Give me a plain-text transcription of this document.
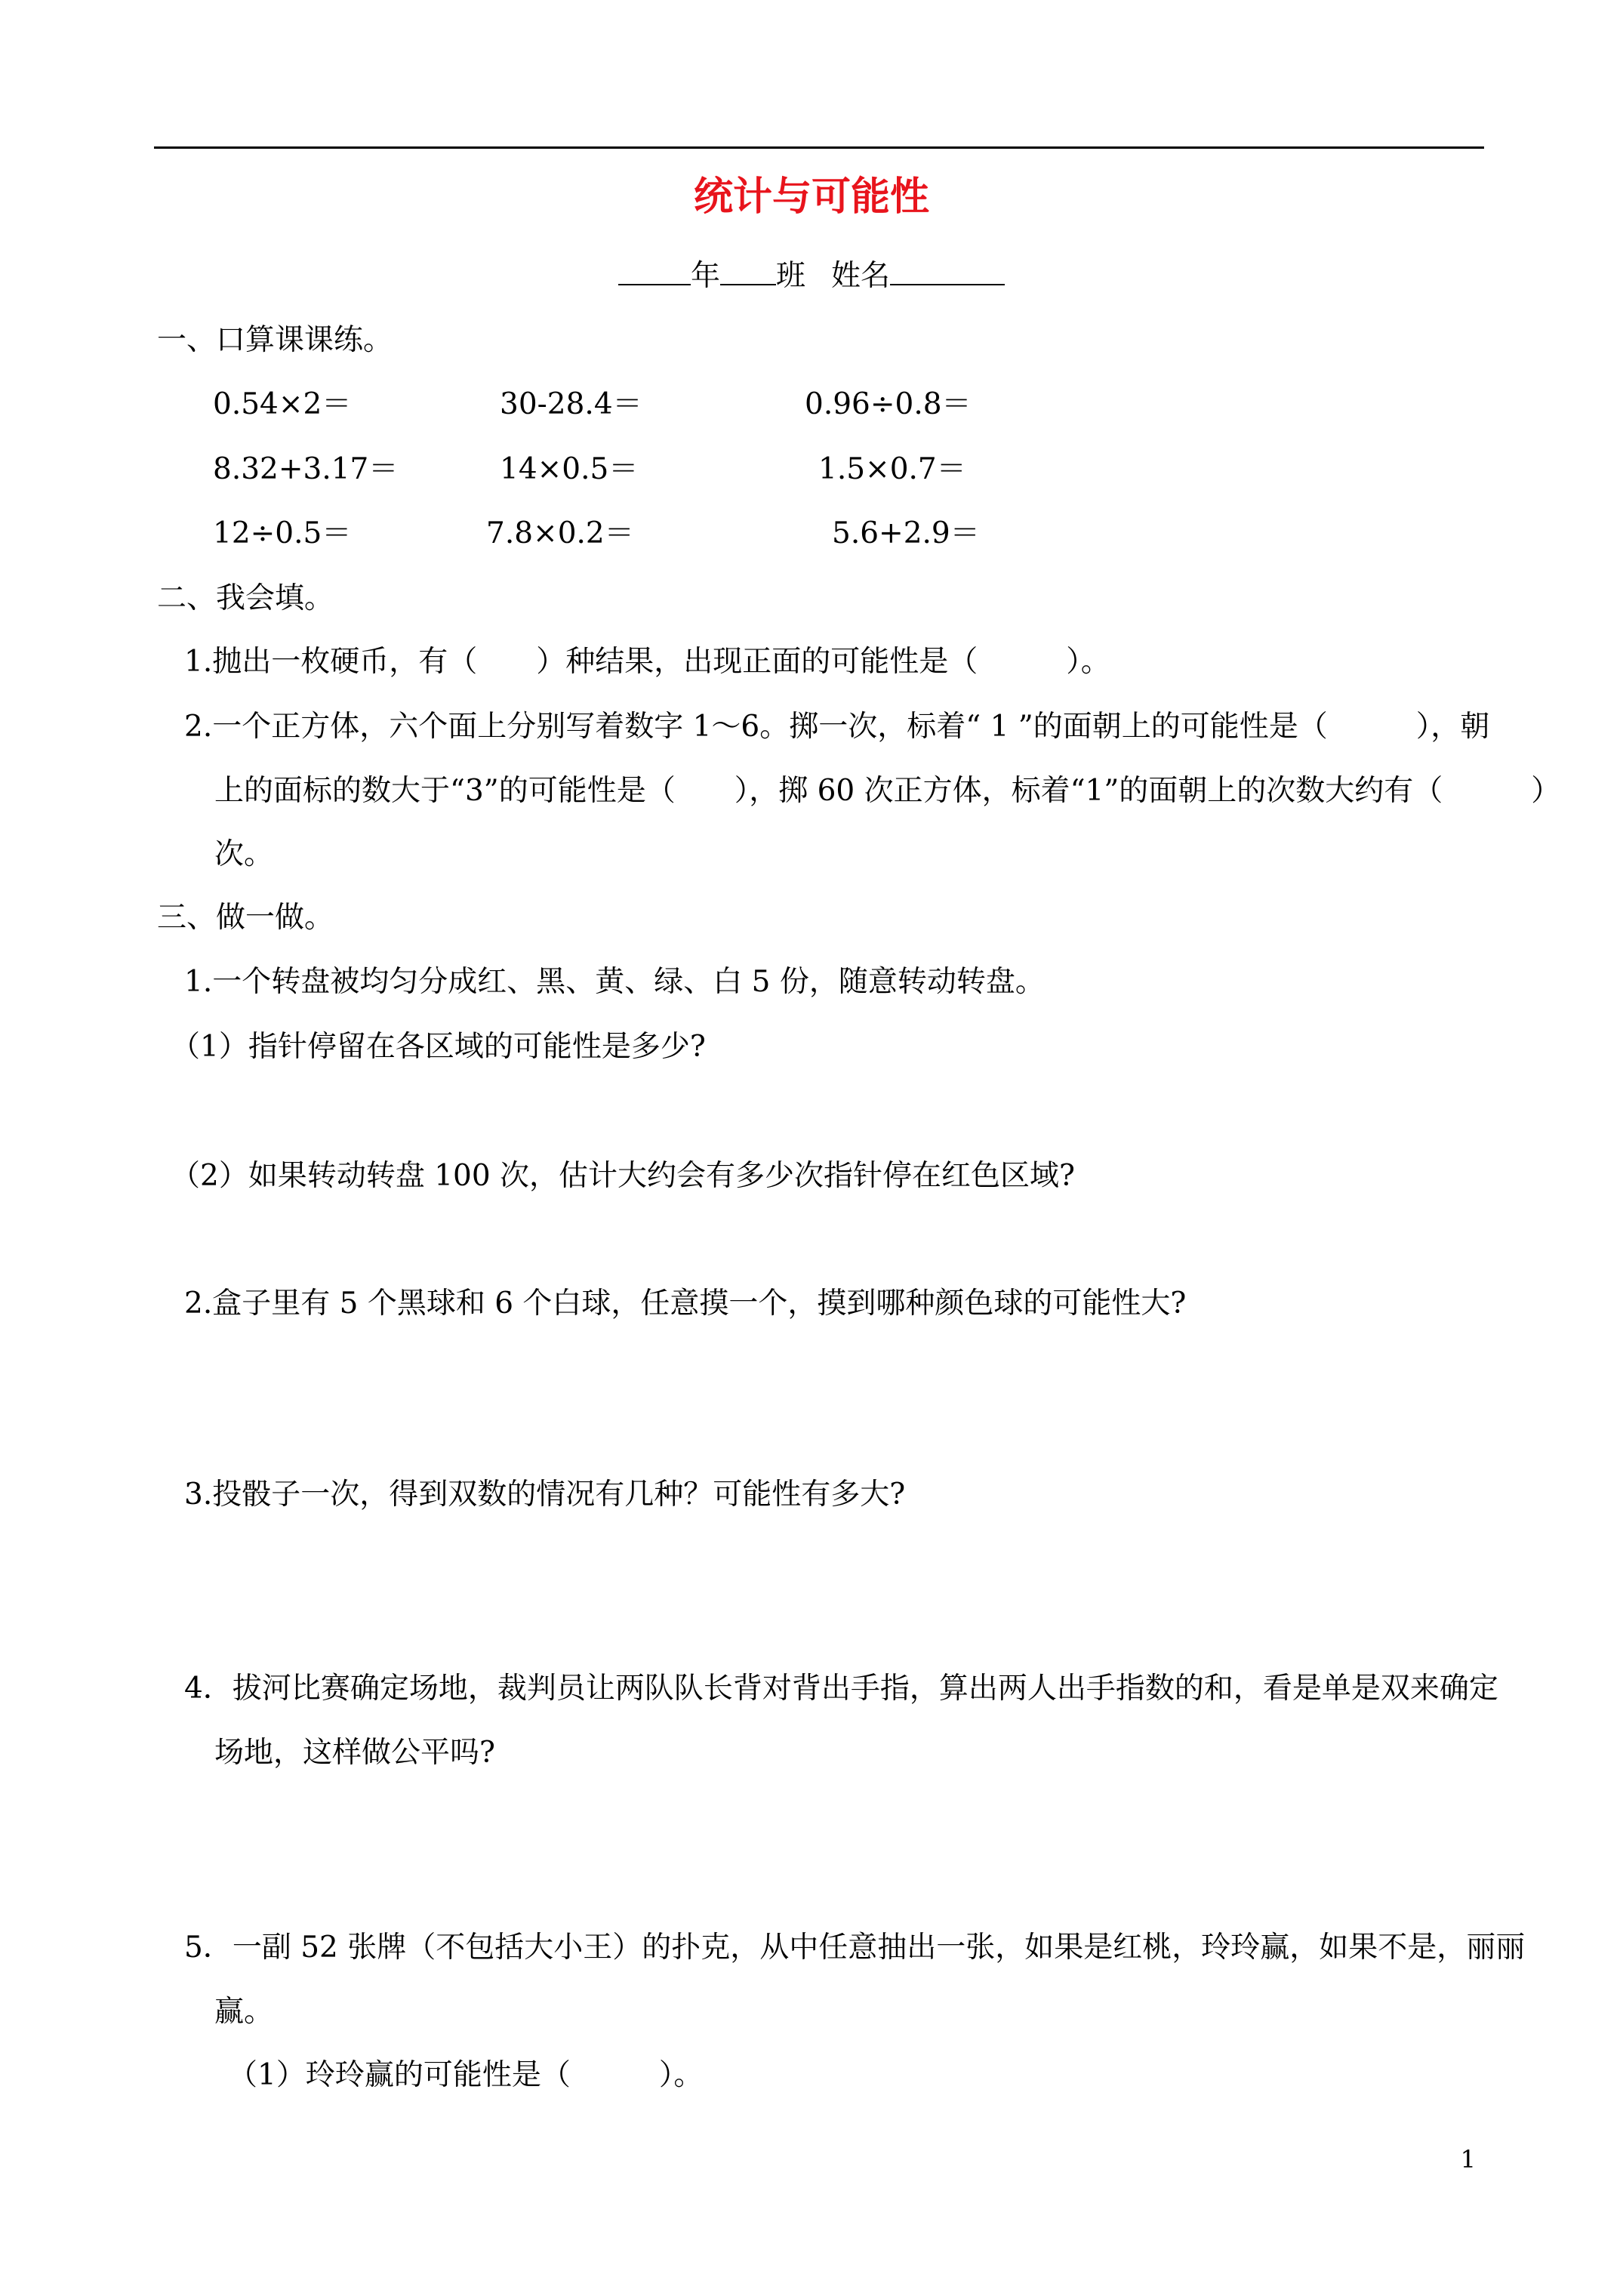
统计与可能性
年 班 姓名
一、口算课课练。
0.54×2＝	30-28.4＝	0.96÷0.8＝
8.32+3.17＝	14×0.5＝	1.5×0.7＝
12÷0.5＝	7.8×0.2＝	5.6+2.9＝
二、我会填。
1.抛出一枚硬币，有（　　）种结果，出现正面的可能性是（　　　）。
2.一个正方体，六个面上分别写着数字 1～6。掷一次，标着“ 1 ”的面朝上的可能性是（　　　），朝
上的面标的数大于“3”的可能性是（　　），掷 60 次正方体，标着“1”的面朝上的次数大约有（　　　）
次。
三、做一做。
1.一个转盘被均匀分成红、黑、黄、绿、白 5 份，随意转动转盘。
（1）指针停留在各区域的可能性是多少?
（2）如果转动转盘 100 次，估计大约会有多少次指针停在红色区域?
2.盒子里有 5 个黑球和 6 个白球，任意摸一个，摸到哪种颜色球的可能性大?
3.投骰子一次，得到双数的情况有几种？可能性有多大?
4．拔河比赛确定场地，裁判员让两队队长背对背出手指，算出两人出手指数的和，看是单是双来确定
场地，这样做公平吗?
5．一副 52 张牌（不包括大小王）的扑克，从中任意抽出一张，如果是红桃，玲玲赢，如果不是，丽丽
赢。
（1）玲玲赢的可能性是（　　　）。
1
